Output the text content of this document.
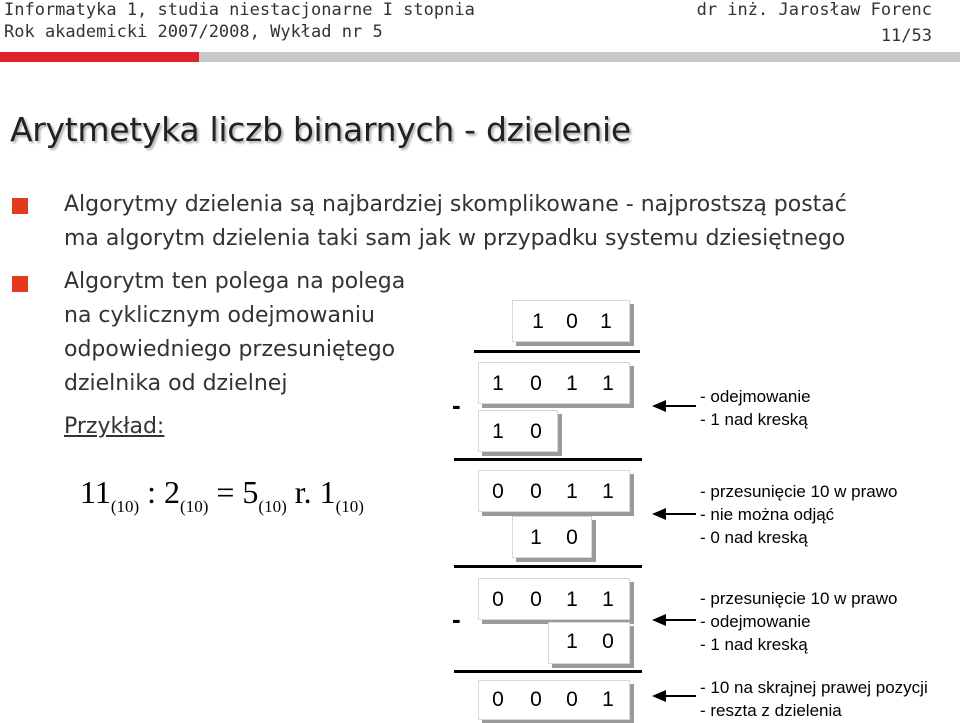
Informatyka 1, studia niestacjonarne I stopnia	dr inż. Jarosław Forenc
Rok akademicki 2007/2008, Wykład nr 5	11/53
Arytmetyka liczb binarnych - dzielenie
Algorytmy dzielenia są najbardziej skomplikowane - najprostszą postać
ma algorytm dzielenia taki sam jak w przypadku systemu dziesiętnego
Algorytm ten polega na polega
na cyklicznym odejmowaniu
odpowiedniego przesuniętego
dzielnika od dzielnej
Przykład:
$11_{(10)}$ : $2_{(10)} = 5_{(10)}$ r. $1_{(10)}$
1 0 1
1 0 1 1
-
1 0
0 0 1 1
1 0
0 0 1 1
-
1 0
0 0 0 1
- odejmowanie
- 1 nad kreską
- przesunięcie 10 w prawo
- nie można odjąć
- 0 nad kreską
- przesunięcie 10 w prawo
- odejmowanie
- 1 nad kreską
- 10 na skrajnej prawej pozycji
- reszta z dzielenia
